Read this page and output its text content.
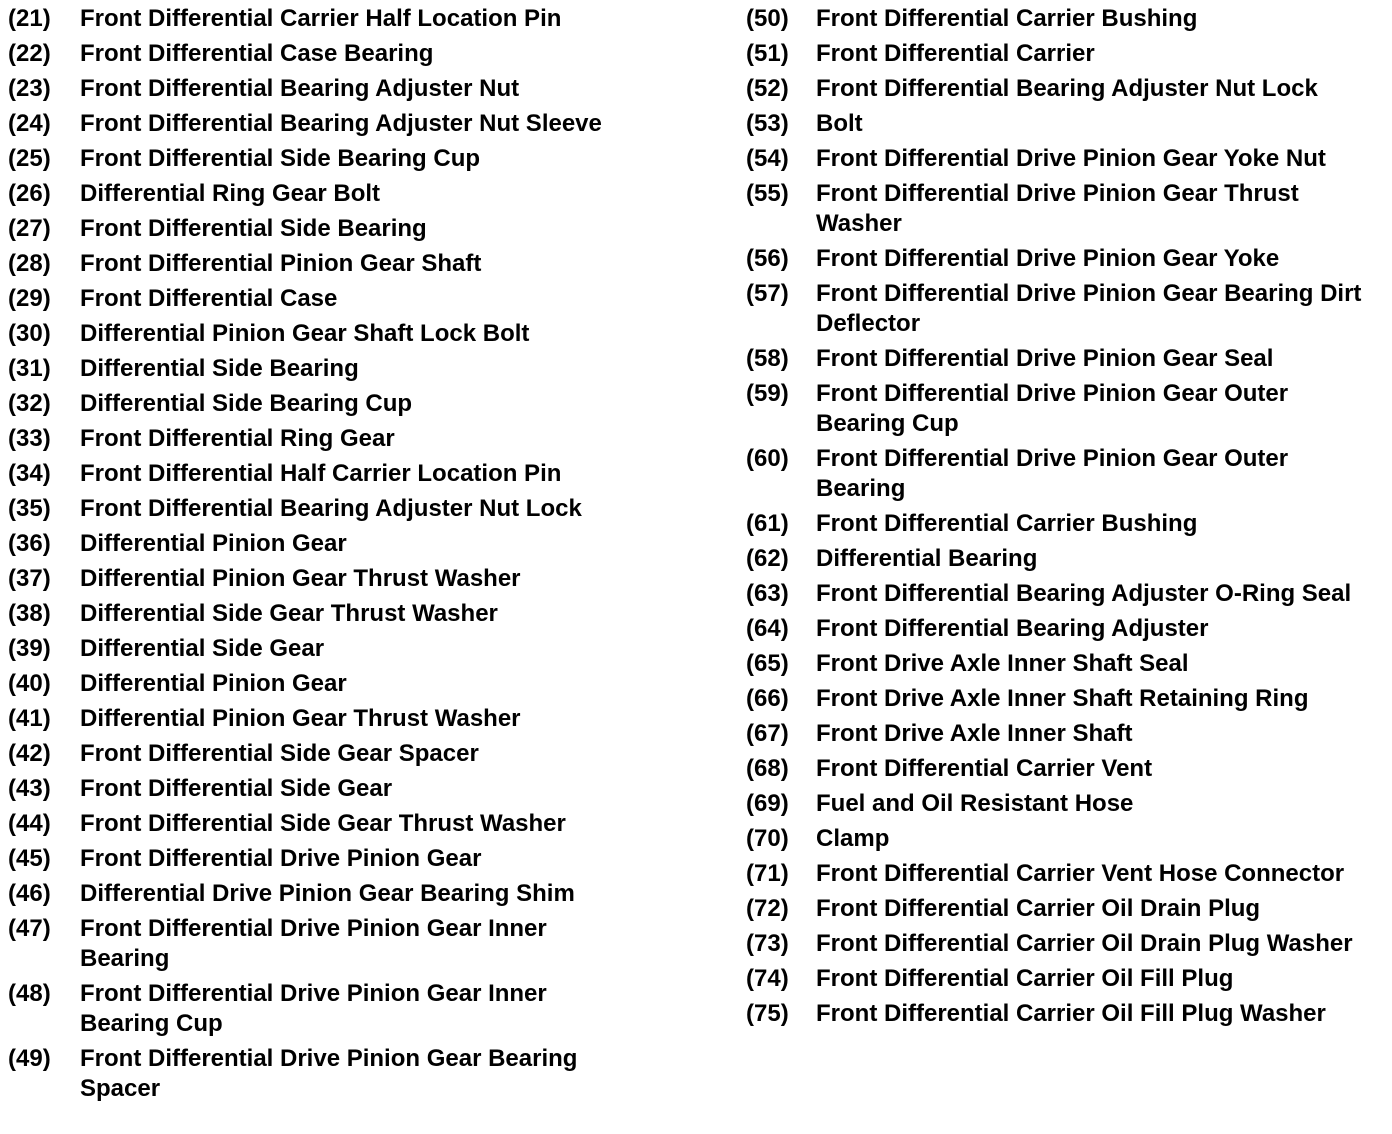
(21)	Front Differential Carrier Half Location Pin
(22)	Front Differential Case Bearing
(23)	Front Differential Bearing Adjuster Nut
(24)	Front Differential Bearing Adjuster Nut Sleeve
(25)	Front Differential Side Bearing Cup
(26)	Differential Ring Gear Bolt
(27)	Front Differential Side Bearing
(28)	Front Differential Pinion Gear Shaft
(29)	Front Differential Case
(30)	Differential Pinion Gear Shaft Lock Bolt
(31)	Differential Side Bearing
(32)	Differential Side Bearing Cup
(33)	Front Differential Ring Gear
(34)	Front Differential Half Carrier Location Pin
(35)	Front Differential Bearing Adjuster Nut Lock
(36)	Differential Pinion Gear
(37)	Differential Pinion Gear Thrust Washer
(38)	Differential Side Gear Thrust Washer
(39)	Differential Side Gear
(40)	Differential Pinion Gear
(41)	Differential Pinion Gear Thrust Washer
(42)	Front Differential Side Gear Spacer
(43)	Front Differential Side Gear
(44)	Front Differential Side Gear Thrust Washer
(45)	Front Differential Drive Pinion Gear
(46)	Differential Drive Pinion Gear Bearing Shim
(47)	Front Differential Drive Pinion Gear Inner Bearing
(48)	Front Differential Drive Pinion Gear Inner Bearing Cup
(49)	Front Differential Drive Pinion Gear Bearing Spacer
(50)	Front Differential Carrier Bushing
(51)	Front Differential Carrier
(52)	Front Differential Bearing Adjuster Nut Lock
(53)	Bolt
(54)	Front Differential Drive Pinion Gear Yoke Nut
(55)	Front Differential Drive Pinion Gear Thrust Washer
(56)	Front Differential Drive Pinion Gear Yoke
(57)	Front Differential Drive Pinion Gear Bearing Dirt Deflector
(58)	Front Differential Drive Pinion Gear Seal
(59)	Front Differential Drive Pinion Gear Outer Bearing Cup
(60)	Front Differential Drive Pinion Gear Outer Bearing
(61)	Front Differential Carrier Bushing
(62)	Differential Bearing
(63)	Front Differential Bearing Adjuster O-Ring Seal
(64)	Front Differential Bearing Adjuster
(65)	Front Drive Axle Inner Shaft Seal
(66)	Front Drive Axle Inner Shaft Retaining Ring
(67)	Front Drive Axle Inner Shaft
(68)	Front Differential Carrier Vent
(69)	Fuel and Oil Resistant Hose
(70)	Clamp
(71)	Front Differential Carrier Vent Hose Connector
(72)	Front Differential Carrier Oil Drain Plug
(73)	Front Differential Carrier Oil Drain Plug Washer
(74)	Front Differential Carrier Oil Fill Plug
(75)	Front Differential Carrier Oil Fill Plug Washer
